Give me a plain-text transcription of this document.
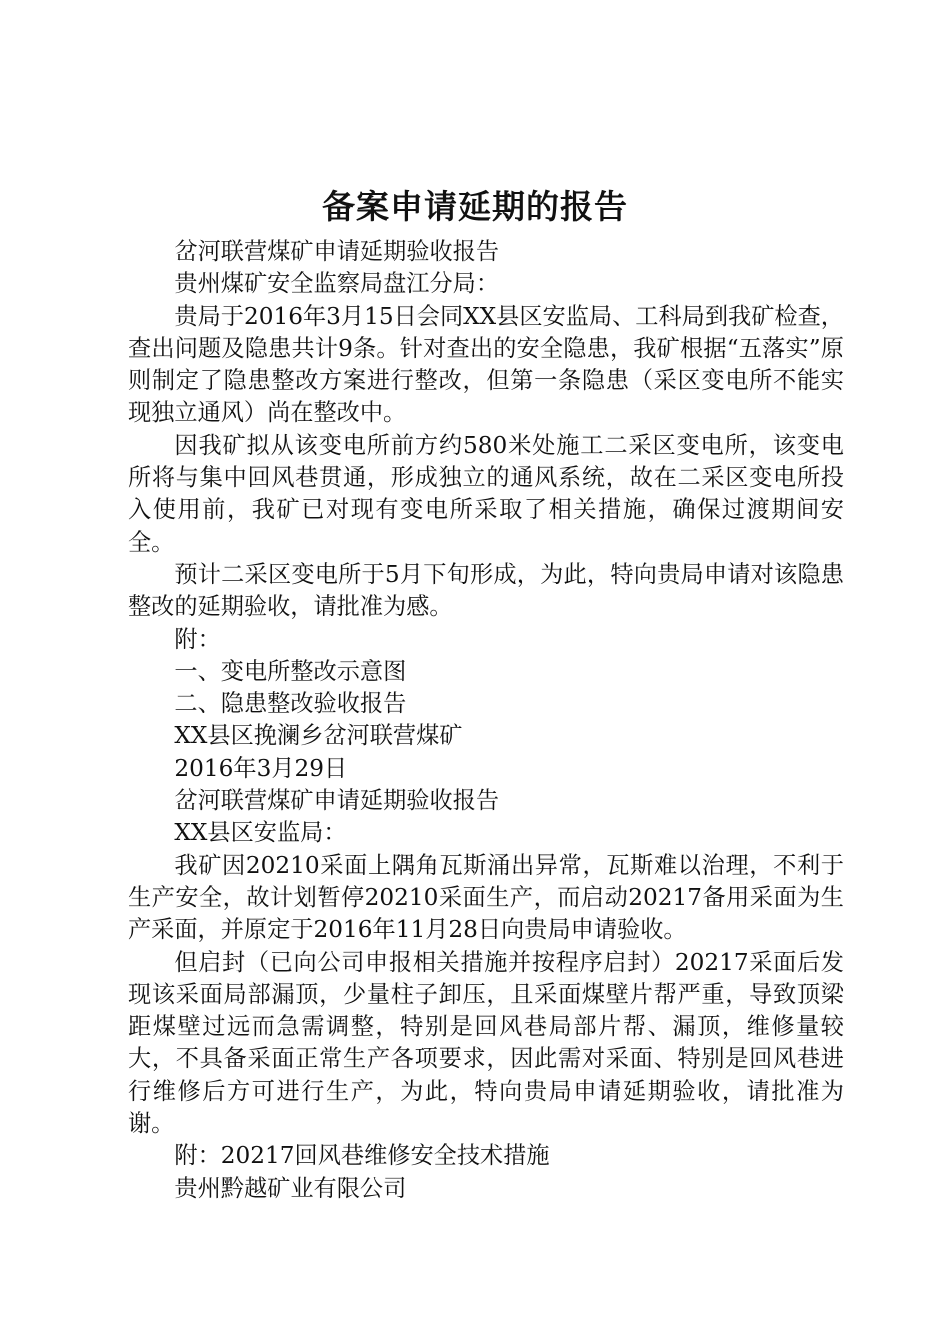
备案申请延期的报告

岔河联营煤矿申请延期验收报告

贵州煤矿安全监察局盘江分局：

贵局于2016年3月15日会同XX县区安监局、工科局到我矿检查，查出问题及隐患共计9条。针对查出的安全隐患，我矿根据“五落实”原则制定了隐患整改方案进行整改，但第一条隐患（采区变电所不能实现独立通风）尚在整改中。

因我矿拟从该变电所前方约580米处施工二采区变电所，该变电所将与集中回风巷贯通，形成独立的通风系统，故在二采区变电所投入使用前，我矿已对现有变电所采取了相关措施，确保过渡期间安全。

预计二采区变电所于5月下旬形成，为此，特向贵局申请对该隐患整改的延期验收，请批准为感。

附：

一、变电所整改示意图

二、隐患整改验收报告

XX县区挽澜乡岔河联营煤矿

2016年3月29日

岔河联营煤矿申请延期验收报告

XX县区安监局：

我矿因20210采面上隅角瓦斯涌出异常，瓦斯难以治理，不利于生产安全，故计划暂停20210采面生产，而启动20217备用采面为生产采面，并原定于2016年11月28日向贵局申请验收。

但启封（已向公司申报相关措施并按程序启封）20217采面后发现该采面局部漏顶，少量柱子卸压，且采面煤壁片帮严重，导致顶梁距煤壁过远而急需调整，特别是回风巷局部片帮、漏顶，维修量较大，不具备采面正常生产各项要求，因此需对采面、特别是回风巷进行维修后方可进行生产，为此，特向贵局申请延期验收，请批准为谢。

附：20217回风巷维修安全技术措施

贵州黔越矿业有限公司
